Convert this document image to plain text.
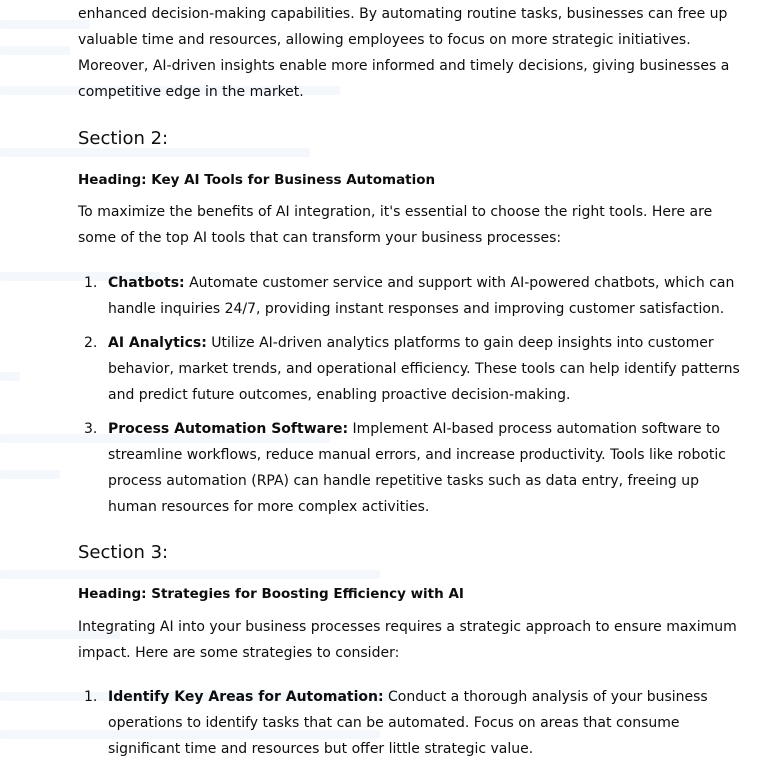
enhanced decision-making capabilities. By automating routine tasks, businesses can free up valuable time and resources, allowing employees to focus on more strategic initiatives. Moreover, AI-driven insights enable more informed and timely decisions, giving businesses a competitive edge in the market.

Section 2:
Heading: Key AI Tools for Business Automation

To maximize the benefits of AI integration, it's essential to choose the right tools. Here are some of the top AI tools that can transform your business processes:

1. Chatbots: Automate customer service and support with AI-powered chatbots, which can handle inquiries 24/7, providing instant responses and improving customer satisfaction.
2. AI Analytics: Utilize AI-driven analytics platforms to gain deep insights into customer behavior, market trends, and operational efficiency. These tools can help identify patterns and predict future outcomes, enabling proactive decision-making.
3. Process Automation Software: Implement AI-based process automation software to streamline workflows, reduce manual errors, and increase productivity. Tools like robotic process automation (RPA) can handle repetitive tasks such as data entry, freeing up human resources for more complex activities.
Section 3:
Heading: Strategies for Boosting Efficiency with AI

Integrating AI into your business processes requires a strategic approach to ensure maximum impact. Here are some strategies to consider:

1. Identify Key Areas for Automation: Conduct a thorough analysis of your business operations to identify tasks that can be automated. Focus on areas that consume significant time and resources but offer little strategic value.
